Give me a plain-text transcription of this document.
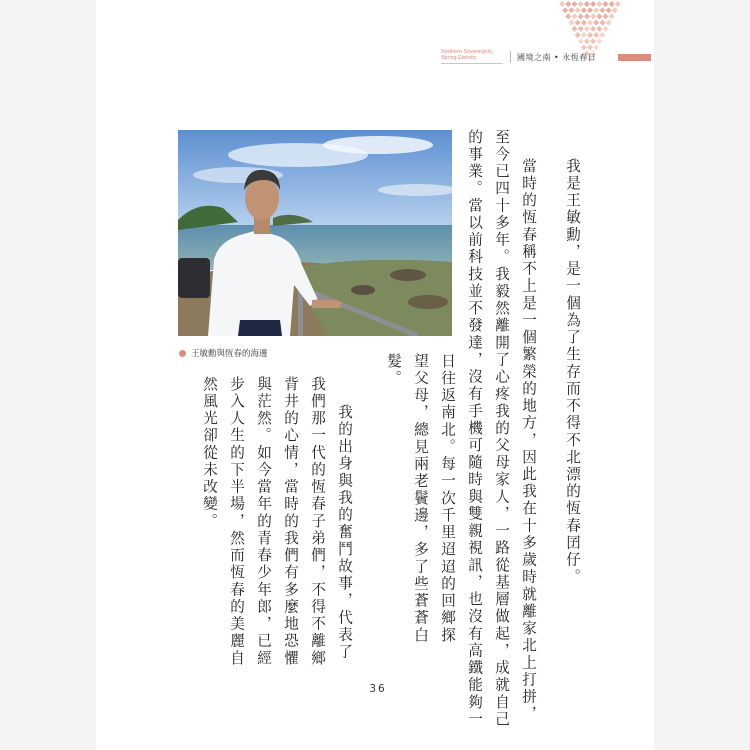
Northern Sovereignty,
Spring Eternity	國境之南 • 永恆春日
王敏勳與恆春的海邊	我是王敏勳，是一個為了生存而不得不北漂的恆春囝仔。
當時的恆春稱不上是一個繁榮的地方，因此我在十多歲時就離家北上打拼，
至今已四十多年。我毅然離開了心疼我的父母家人，一路從基層做起，成就自己
的事業。當以前科技並不發達，沒有手機可隨時與雙親視訊，也沒有高鐵能夠一
日往返南北。每一次千里迢迢的回鄉探
望父母，總見兩老鬢邊，多了些蒼蒼白
髮。
我的出身與我的奮鬥故事，代表了
我們那一代的恆春子弟們，不得不離鄉
背井的心情，當時的我們有多麼地恐懼
與茫然。如今當年的青春少年郎，已經
步入人生的下半場，然而恆春的美麗自
然風光卻從未改變。
36
